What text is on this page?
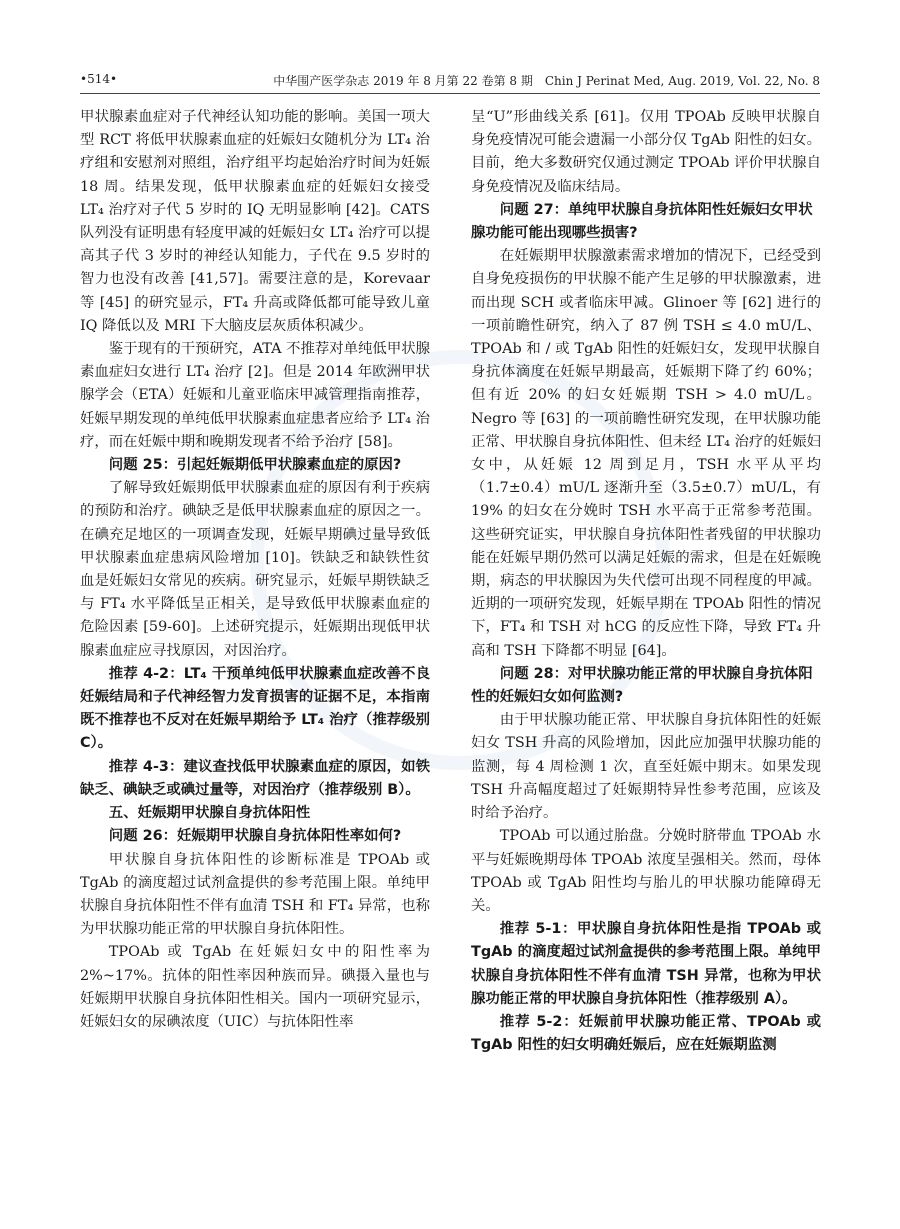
•514•	中华围产医学杂志 2019 年 8 月第 22 卷第 8 期　Chin J Perinat Med, Aug. 2019, Vol. 22, No. 8

甲状腺素血症对子代神经认知功能的影响。美国一项大型 RCT 将低甲状腺素血症的妊娠妇女随机分为 LT₄ 治疗组和安慰剂对照组，治疗组平均起始治疗时间为妊娠 18 周。结果发现，低甲状腺素血症的妊娠妇女接受 LT₄ 治疗对子代 5 岁时的 IQ 无明显影响 [42]。CATS 队列没有证明患有轻度甲减的妊娠妇女 LT₄ 治疗可以提高其子代 3 岁时的神经认知能力，子代在 9.5 岁时的智力也没有改善 [41,57]。需要注意的是，Korevaar 等 [45] 的研究显示，FT₄ 升高或降低都可能导致儿童 IQ 降低以及 MRI 下大脑皮层灰质体积减少。

鉴于现有的干预研究，ATA 不推荐对单纯低甲状腺素血症妇女进行 LT₄ 治疗 [2]。但是 2014 年欧洲甲状腺学会（ETA）妊娠和儿童亚临床甲减管理指南推荐，妊娠早期发现的单纯低甲状腺素血症患者应给予 LT₄ 治疗，而在妊娠中期和晚期发现者不给予治疗 [58]。

问题 25：引起妊娠期低甲状腺素血症的原因?

了解导致妊娠期低甲状腺素血症的原因有利于疾病的预防和治疗。碘缺乏是低甲状腺素血症的原因之一。在碘充足地区的一项调查发现，妊娠早期碘过量导致低甲状腺素血症患病风险增加 [10]。铁缺乏和缺铁性贫血是妊娠妇女常见的疾病。研究显示，妊娠早期铁缺乏与 FT₄ 水平降低呈正相关，是导致低甲状腺素血症的危险因素 [59-60]。上述研究提示，妊娠期出现低甲状腺素血症应寻找原因，对因治疗。

推荐 4-2：LT₄ 干预单纯低甲状腺素血症改善不良妊娠结局和子代神经智力发育损害的证据不足，本指南既不推荐也不反对在妊娠早期给予 LT₄ 治疗（推荐级别 C）。
推荐 4-3：建议查找低甲状腺素血症的原因，如铁缺乏、碘缺乏或碘过量等，对因治疗（推荐级别 B）。
五、妊娠期甲状腺自身抗体阳性
问题 26：妊娠期甲状腺自身抗体阳性率如何?

甲状腺自身抗体阳性的诊断标准是 TPOAb 或 TgAb 的滴度超过试剂盒提供的参考范围上限。单纯甲状腺自身抗体阳性不伴有血清 TSH 和 FT₄ 异常，也称为甲状腺功能正常的甲状腺自身抗体阳性。

TPOAb 或 TgAb 在妊娠妇女中的阳性率为 2%~17%。抗体的阳性率因种族而异。碘摄入量也与妊娠期甲状腺自身抗体阳性相关。国内一项研究显示，妊娠妇女的尿碘浓度（UIC）与抗体阳性率

呈“U”形曲线关系 [61]。仅用 TPOAb 反映甲状腺自身免疫情况可能会遗漏一小部分仅 TgAb 阳性的妇女。目前，绝大多数研究仅通过测定 TPOAb 评价甲状腺自身免疫情况及临床结局。

问题 27：单纯甲状腺自身抗体阳性妊娠妇女甲状腺功能可能出现哪些损害?

在妊娠期甲状腺激素需求增加的情况下，已经受到自身免疫损伤的甲状腺不能产生足够的甲状腺激素，进而出现 SCH 或者临床甲减。Glinoer 等 [62] 进行的一项前瞻性研究，纳入了 87 例 TSH ≤ 4.0 mU/L、TPOAb 和 / 或 TgAb 阳性的妊娠妇女，发现甲状腺自身抗体滴度在妊娠早期最高，妊娠期下降了约 60%；但有近 20% 的妇女妊娠期 TSH > 4.0 mU/L。Negro 等 [63] 的一项前瞻性研究发现，在甲状腺功能正常、甲状腺自身抗体阳性、但未经 LT₄ 治疗的妊娠妇女中，从妊娠 12 周到足月，TSH 水平从平均（1.7±0.4）mU/L 逐渐升至（3.5±0.7）mU/L，有 19% 的妇女在分娩时 TSH 水平高于正常参考范围。这些研究证实，甲状腺自身抗体阳性者残留的甲状腺功能在妊娠早期仍然可以满足妊娠的需求，但是在妊娠晚期，病态的甲状腺因为失代偿可出现不同程度的甲减。近期的一项研究发现，妊娠早期在 TPOAb 阳性的情况下，FT₄ 和 TSH 对 hCG 的反应性下降，导致 FT₄ 升高和 TSH 下降都不明显 [64]。

问题 28：对甲状腺功能正常的甲状腺自身抗体阳性的妊娠妇女如何监测?

由于甲状腺功能正常、甲状腺自身抗体阳性的妊娠妇女 TSH 升高的风险增加，因此应加强甲状腺功能的监测，每 4 周检测 1 次，直至妊娠中期末。如果发现 TSH 升高幅度超过了妊娠期特异性参考范围，应该及时给予治疗。

TPOAb 可以通过胎盘。分娩时脐带血 TPOAb 水平与妊娠晚期母体 TPOAb 浓度呈强相关。然而，母体 TPOAb 或 TgAb 阳性均与胎儿的甲状腺功能障碍无关。

推荐 5-1：甲状腺自身抗体阳性是指 TPOAb 或 TgAb 的滴度超过试剂盒提供的参考范围上限。单纯甲状腺自身抗体阳性不伴有血清 TSH 异常，也称为甲状腺功能正常的甲状腺自身抗体阳性（推荐级别 A）。
推荐 5-2：妊娠前甲状腺功能正常、TPOAb 或 TgAb 阳性的妇女明确妊娠后，应在妊娠期监测
